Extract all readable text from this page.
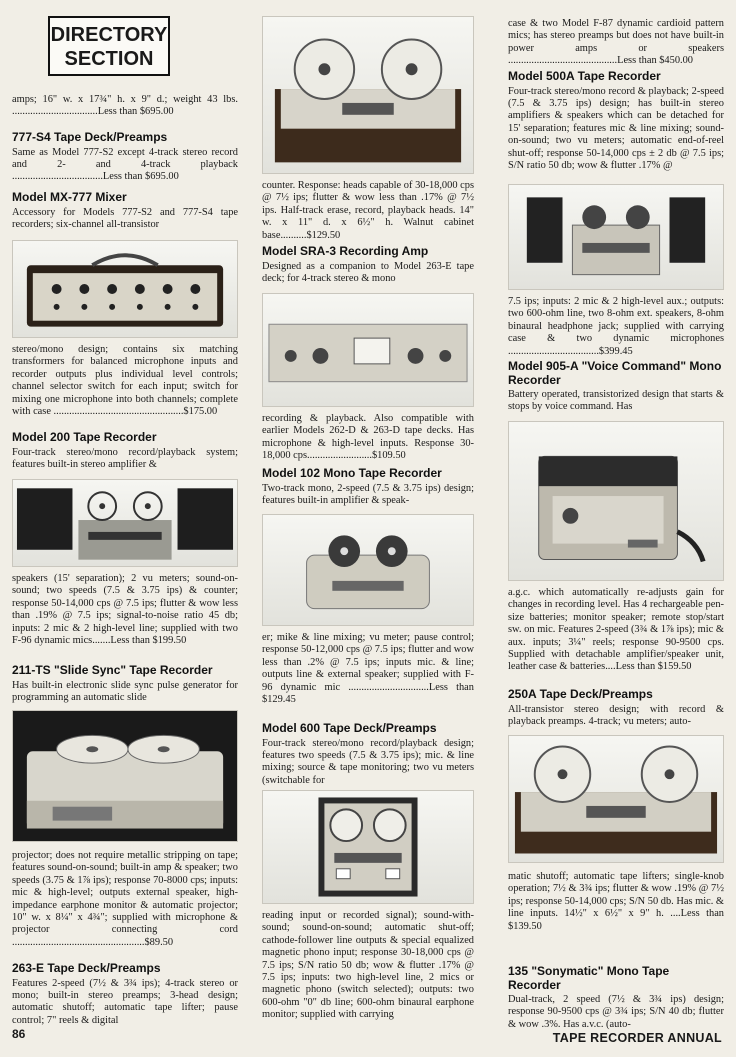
DIRECTORY
SECTION

amps; 16" w. x 17¾" h. x 9" d.; weight 43 lbs. .................................Less than $695.00

777-S4 Tape Deck/Preamps

Same as Model 777-S2 except 4-track stereo record and 2- and 4-track playback ...................................Less than $695.00

Model MX-777 Mixer

Accessory for Models 777-S2 and 777-S4 tape recorders; six-channel all-transistor

stereo/mono design; contains six matching transformers for balanced microphone inputs and recorder outputs plus individual level controls; channel selector switch for each input; switch for mixing one microphone into both channels; complete with case ..................................................$175.00

Model 200 Tape Recorder

Four-track stereo/mono record/playback system; features built-in stereo amplifier &

speakers (15' separation); 2 vu meters; sound-on-sound; two speeds (7.5 & 3.75 ips) & counter; response 50-14,000 cps @ 7.5 ips; flutter & wow less than .19% @ 7.5 ips; signal-to-noise ratio 45 db; inputs: 2 mic & 2 high-level line; supplied with two F-96 dynamic mics.......Less than $199.50

211-TS "Slide Sync" Tape Recorder

Has built-in electronic slide sync pulse generator for programming an automatic slide

projector; does not require metallic stripping on tape; features sound-on-sound; built-in amp & speaker; two speeds (3.75 & 1⅞ ips); response 70-8000 cps; inputs: mic & high-level; outputs external speaker, high-impedance earphone monitor & automatic projector; 10" w. x 8¼" x 4¾"; supplied with microphone & projector connecting cord ...................................................$89.50

263-E Tape Deck/Preamps

Features 2-speed (7½ & 3¾ ips); 4-track stereo or mono; built-in stereo preamps; 3-head design; automatic shutoff; automatic tape lifter; pause control; 7" reels & digital

counter. Response: heads capable of 30-18,000 cps @ 7½ ips; flutter & wow less than .17% @ 7½ ips. Half-track erase, record, playback heads. 14" w. x 11" d. x 6½" h. Walnut cabinet base..........$129.50

Model SRA-3 Recording Amp

Designed as a companion to Model 263-E tape deck; for 4-track stereo & mono

recording & playback. Also compatible with earlier Models 262-D & 263-D tape decks. Has microphone & high-level inputs. Response 30-18,000 cps.........................$109.50

Model 102 Mono Tape Recorder

Two-track mono, 2-speed (7.5 & 3.75 ips) design; features built-in amplifier & speak-

er; mike & line mixing; vu meter; pause control; response 50-12,000 cps @ 7.5 ips; flutter and wow less than .2% @ 7.5 ips; inputs mic. & line; outputs line & external speaker; supplied with F-96 dynamic mic ...............................Less than $129.45

Model 600 Tape Deck/Preamps

Four-track stereo/mono record/playback design; features two speeds (7.5 & 3.75 ips); mic. & line mixing; source & tape monitoring; two vu meters (switchable for

reading input or recorded signal); sound-with-sound; sound-on-sound; automatic shut-off; cathode-follower line outputs & special equalized magnetic phono input; response 30-18,000 cps @ 7.5 ips; S/N ratio 50 db; wow & flutter .17% @ 7.5 ips; inputs: two high-level line, 2 mics or magnetic phono (switch selected); outputs: two 600-ohm "0" db line; 600-ohm binaural earphone monitor; supplied with carrying

case & two Model F-87 dynamic cardioid pattern mics; has stereo preamps but does not have built-in power amps or speakers ..........................................Less than $450.00

Model 500A Tape Recorder

Four-track stereo/mono record & playback; 2-speed (7.5 & 3.75 ips) design; has built-in stereo amplifiers & speakers which can be detached for 15' separation; features mic & line mixing; sound-on-sound; two vu meters; automatic end-of-reel shut-off; response 50-14,000 cps ± 2 db @ 7.5 ips; S/N ratio 50 db; wow & flutter .17% @

7.5 ips; inputs: 2 mic & 2 high-level aux.; outputs: two 600-ohm line, two 8-ohm ext. speakers, 8-ohm binaural headphone jack; supplied with carrying case & two dynamic microphones ...................................$399.45

Model 905-A "Voice Command" Mono Recorder

Battery operated, transistorized design that starts & stops by voice command. Has

a.g.c. which automatically re-adjusts gain for changes in recording level. Has 4 rechargeable pen-size batteries; monitor speaker; remote stop/start sw. on mic. Features 2-speed (3¾ & 1⅞ ips); mic & aux. inputs; 3¼" reels; response 90-9500 cps. Supplied with detachable amplifier/speaker unit, leather case & batteries....Less than $159.50

250A Tape Deck/Preamps

All-transistor stereo design; with record & playback preamps. 4-track; vu meters; auto-

matic shutoff; automatic tape lifters; single-knob operation; 7½ & 3¾ ips; flutter & wow .19% @ 7½ ips; response 50-14,000 cps; S/N 50 db. Has mic. & line inputs. 14½" x 6½" x 9" h. ....Less than $139.50

135 "Sonymatic" Mono Tape Recorder

Dual-track, 2 speed (7½ & 3¾ ips) design; response 90-9500 cps @ 3¾ ips; S/N 40 db; flutter & wow .3%. Has a.v.c. (auto-

86	TAPE RECORDER ANNUAL
